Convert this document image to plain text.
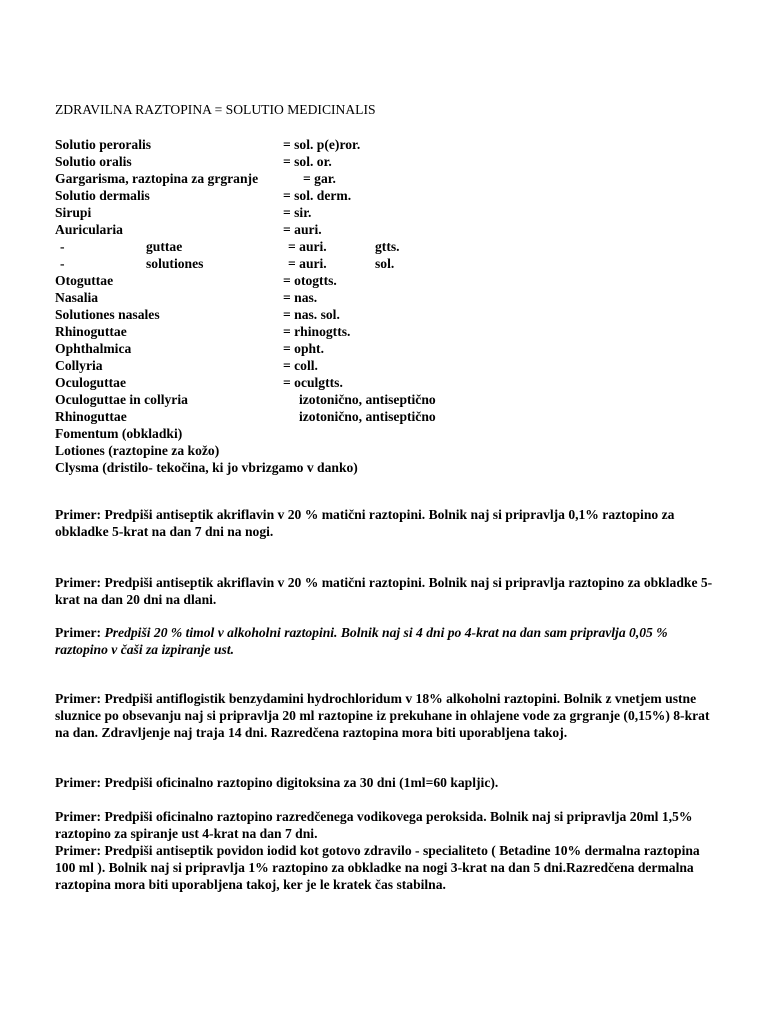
ZDRAVILNA RAZTOPINA = SOLUTIO MEDICINALIS
Solutio peroralis	= sol. p(e)ror.
Solutio oralis	= sol. or.
Gargarisma, raztopina za grgranje	= gar.
Solutio dermalis	= sol. derm.
Sirupi	= sir.
Auricularia	= auri.
-	guttae	= auri.	gtts.
-	solutiones	= auri.	sol.
Otoguttae	= otogtts.
Nasalia	= nas.
Solutiones nasales	= nas. sol.
Rhinoguttae	= rhinogtts.
Ophthalmica	= opht.
Collyria	= coll.
Oculoguttae	= oculgtts.
Oculoguttae in collyria	izotonično, antiseptično
Rhinoguttae	izotonično, antiseptično
Fomentum (obkladki)
Lotiones (raztopine za kožo)
Clysma (dristilo- tekočina, ki jo vbrizgamo v danko)
Primer: Predpiši antiseptik akriflavin v 20 % matični raztopini. Bolnik naj si pripravlja 0,1% raztopino za obkladke 5-krat na dan 7 dni na nogi.
Primer: Predpiši antiseptik akriflavin v 20 % matični raztopini. Bolnik naj si pripravlja raztopino za obkladke 5-krat na dan 20 dni na dlani.
Primer: Predpiši 20 % timol v alkoholni raztopini. Bolnik naj si 4 dni po 4-krat na dan sam pripravlja 0,05 % raztopino v čaši za izpiranje ust.
Primer: Predpiši antiflogistik benzydamini hydrochloridum v 18% alkoholni raztopini. Bolnik z vnetjem ustne sluznice po obsevanju naj si pripravlja 20 ml raztopine iz prekuhane in ohlajene vode za grgranje (0,15%) 8-krat na dan. Zdravljenje naj traja 14 dni. Razredčena raztopina mora biti uporabljena takoj.
Primer: Predpiši oficinalno raztopino digitoksina za 30 dni (1ml=60 kapljic).
Primer: Predpiši oficinalno raztopino razredčenega vodikovega peroksida. Bolnik naj si pripravlja 20ml 1,5% raztopino za spiranje ust 4-krat na dan 7 dni.
Primer: Predpiši antiseptik povidon iodid kot gotovo zdravilo - specialiteto ( Betadine 10% dermalna raztopina 100 ml ). Bolnik naj si pripravlja 1% raztopino za obkladke na nogi 3-krat na dan 5 dni.Razredčena dermalna raztopina mora biti uporabljena takoj, ker je le kratek čas stabilna.
